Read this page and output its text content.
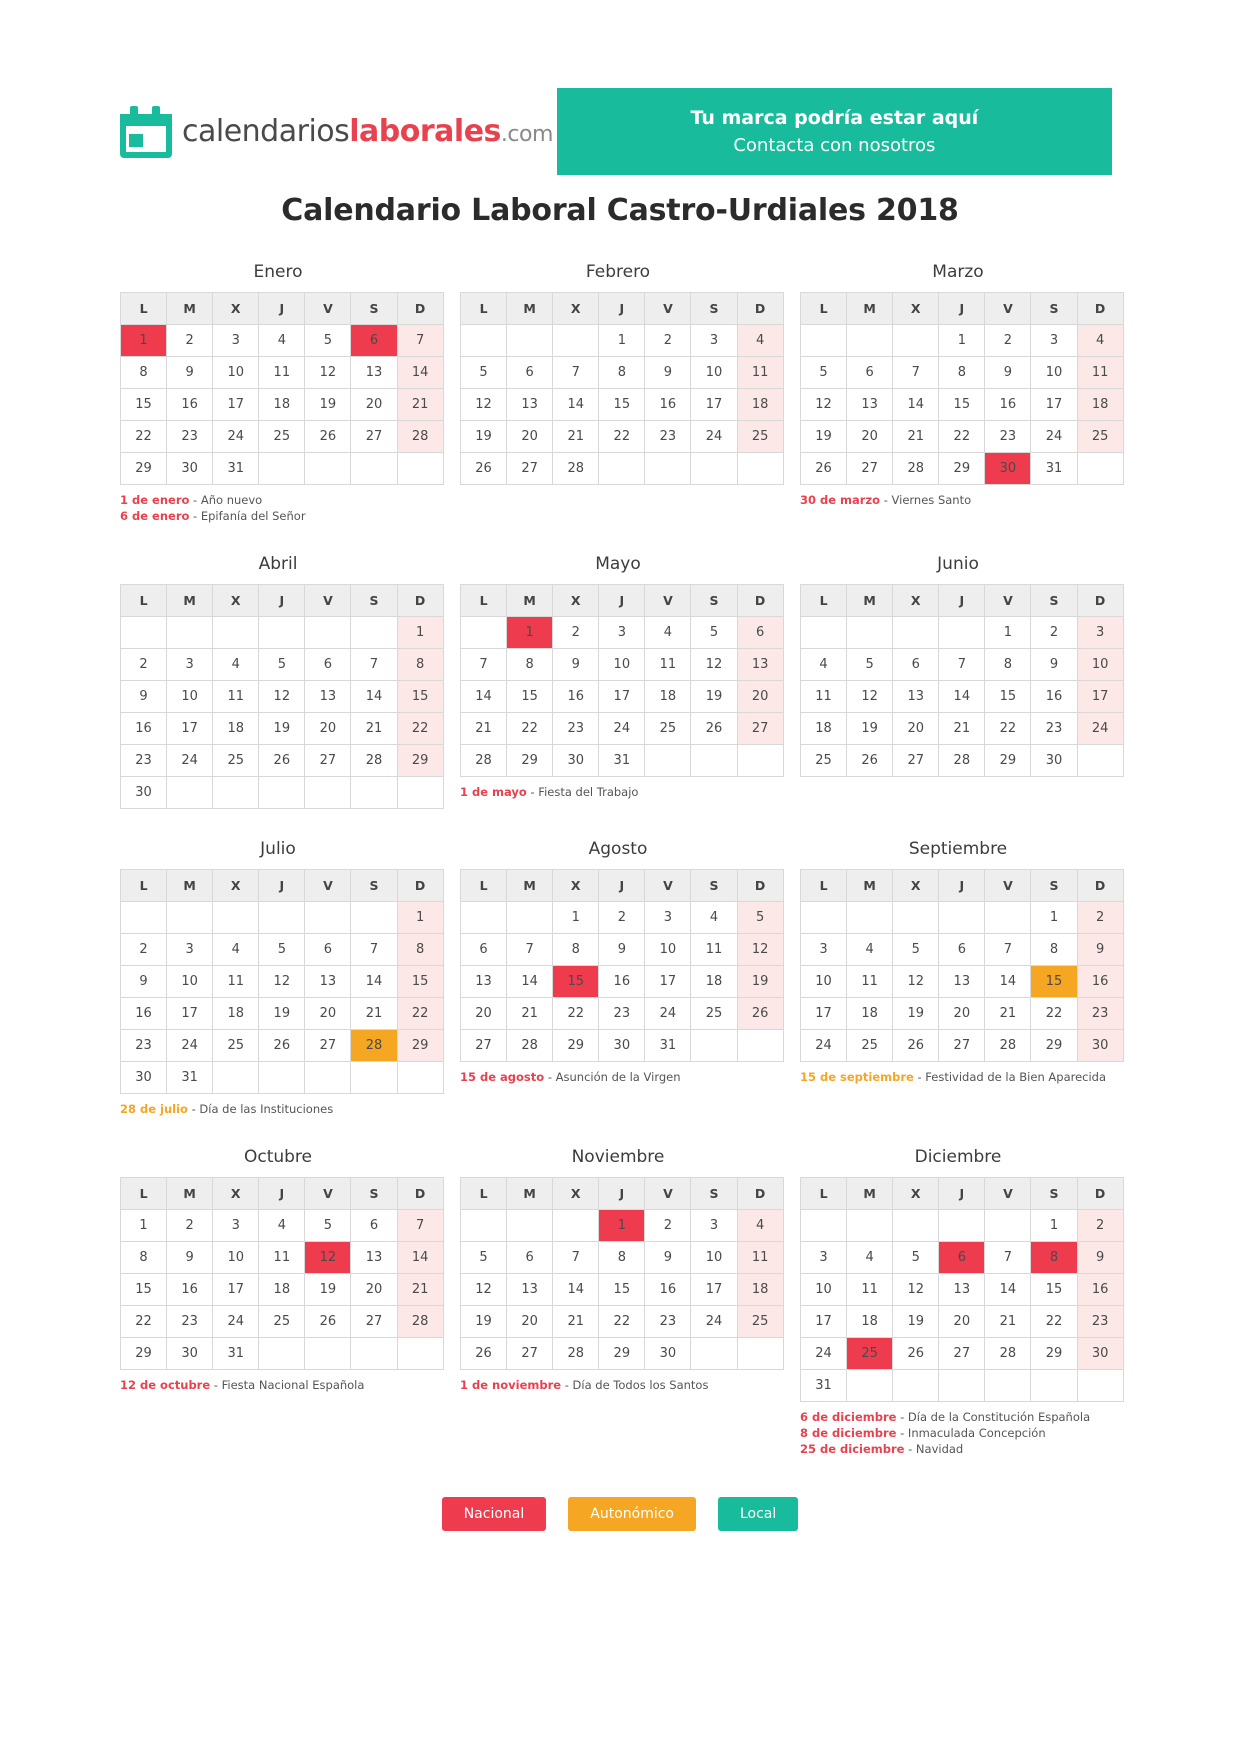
calendarioslaborales.com
Tu marca podría estar aquí
Contacta con nosotros
Calendario Laboral Castro-Urdiales 2018
Enero
L	M	X	J	V	S	D
1	2	3	4	5	6	7
8	9	10	11	12	13	14
15	16	17	18	19	20	21
22	23	24	25	26	27	28
29	30	31				
1 de enero - Año nuevo
6 de enero - Epifanía del Señor
Febrero
L	M	X	J	V	S	D
			1	2	3	4
5	6	7	8	9	10	11
12	13	14	15	16	17	18
19	20	21	22	23	24	25
26	27	28				
Marzo
L	M	X	J	V	S	D
			1	2	3	4
5	6	7	8	9	10	11
12	13	14	15	16	17	18
19	20	21	22	23	24	25
26	27	28	29	30	31	
30 de marzo - Viernes Santo
Abril
L	M	X	J	V	S	D
						1
2	3	4	5	6	7	8
9	10	11	12	13	14	15
16	17	18	19	20	21	22
23	24	25	26	27	28	29
30						
Mayo
L	M	X	J	V	S	D
	1	2	3	4	5	6
7	8	9	10	11	12	13
14	15	16	17	18	19	20
21	22	23	24	25	26	27
28	29	30	31			
1 de mayo - Fiesta del Trabajo
Junio
L	M	X	J	V	S	D
				1	2	3
4	5	6	7	8	9	10
11	12	13	14	15	16	17
18	19	20	21	22	23	24
25	26	27	28	29	30	
Julio
L	M	X	J	V	S	D
						1
2	3	4	5	6	7	8
9	10	11	12	13	14	15
16	17	18	19	20	21	22
23	24	25	26	27	28	29
30	31					
28 de julio - Día de las Instituciones
Agosto
L	M	X	J	V	S	D
		1	2	3	4	5
6	7	8	9	10	11	12
13	14	15	16	17	18	19
20	21	22	23	24	25	26
27	28	29	30	31		
15 de agosto - Asunción de la Virgen
Septiembre
L	M	X	J	V	S	D
					1	2
3	4	5	6	7	8	9
10	11	12	13	14	15	16
17	18	19	20	21	22	23
24	25	26	27	28	29	30
15 de septiembre - Festividad de la Bien Aparecida
Octubre
L	M	X	J	V	S	D
1	2	3	4	5	6	7
8	9	10	11	12	13	14
15	16	17	18	19	20	21
22	23	24	25	26	27	28
29	30	31				
12 de octubre - Fiesta Nacional Española
Noviembre
L	M	X	J	V	S	D
			1	2	3	4
5	6	7	8	9	10	11
12	13	14	15	16	17	18
19	20	21	22	23	24	25
26	27	28	29	30		
1 de noviembre - Día de Todos los Santos
Diciembre
L	M	X	J	V	S	D
					1	2
3	4	5	6	7	8	9
10	11	12	13	14	15	16
17	18	19	20	21	22	23
24	25	26	27	28	29	30
31						
6 de diciembre - Día de la Constitución Española
8 de diciembre - Inmaculada Concepción
25 de diciembre - Navidad
Nacional	Autonómico	Local
